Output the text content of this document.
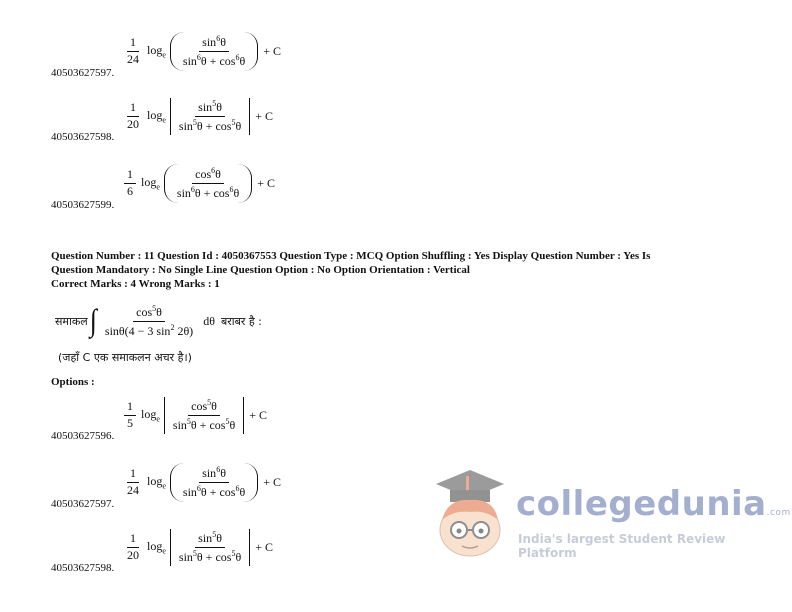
$\frac{1}{24} \log_e \frac{\sin^6\theta}{\sin^6\theta + \cos^6\theta} + C$
40503627597.
$\frac{1}{20} \log_e \frac{\sin^5\theta}{\sin^5\theta + \cos^5\theta} + C$
40503627598.
$\frac{1}{6} \log_e \frac{\cos^6\theta}{\sin^6\theta + \cos^6\theta} + C$
40503627599.
Question Number : 11 Question Id : 4050367553 Question Type : MCQ Option Shuffling : Yes Display Question Number : Yes Is
Question Mandatory : No Single Line Question Option : No Option Orientation : Vertical
Correct Marks : 4 Wrong Marks : 1
समाकल ∫ $\frac{\cos^5\theta}{\sin\theta(4 - 3 \sin^2 2\theta)}$ dθ बराबर है :
(जहाँ C एक समाकलन अचर है।)
Options :
$\frac{1}{5} \log_e \frac{\cos^5\theta}{\sin^5\theta + \cos^5\theta} + C$
40503627596.
$\frac{1}{24} \log_e \frac{\sin^6\theta}{\sin^6\theta + \cos^6\theta} + C$
40503627597.
$\frac{1}{20} \log_e \frac{\sin^5\theta}{\sin^5\theta + \cos^5\theta} + C$
40503627598.
collegedunia.com
India's largest Student Review Platform
